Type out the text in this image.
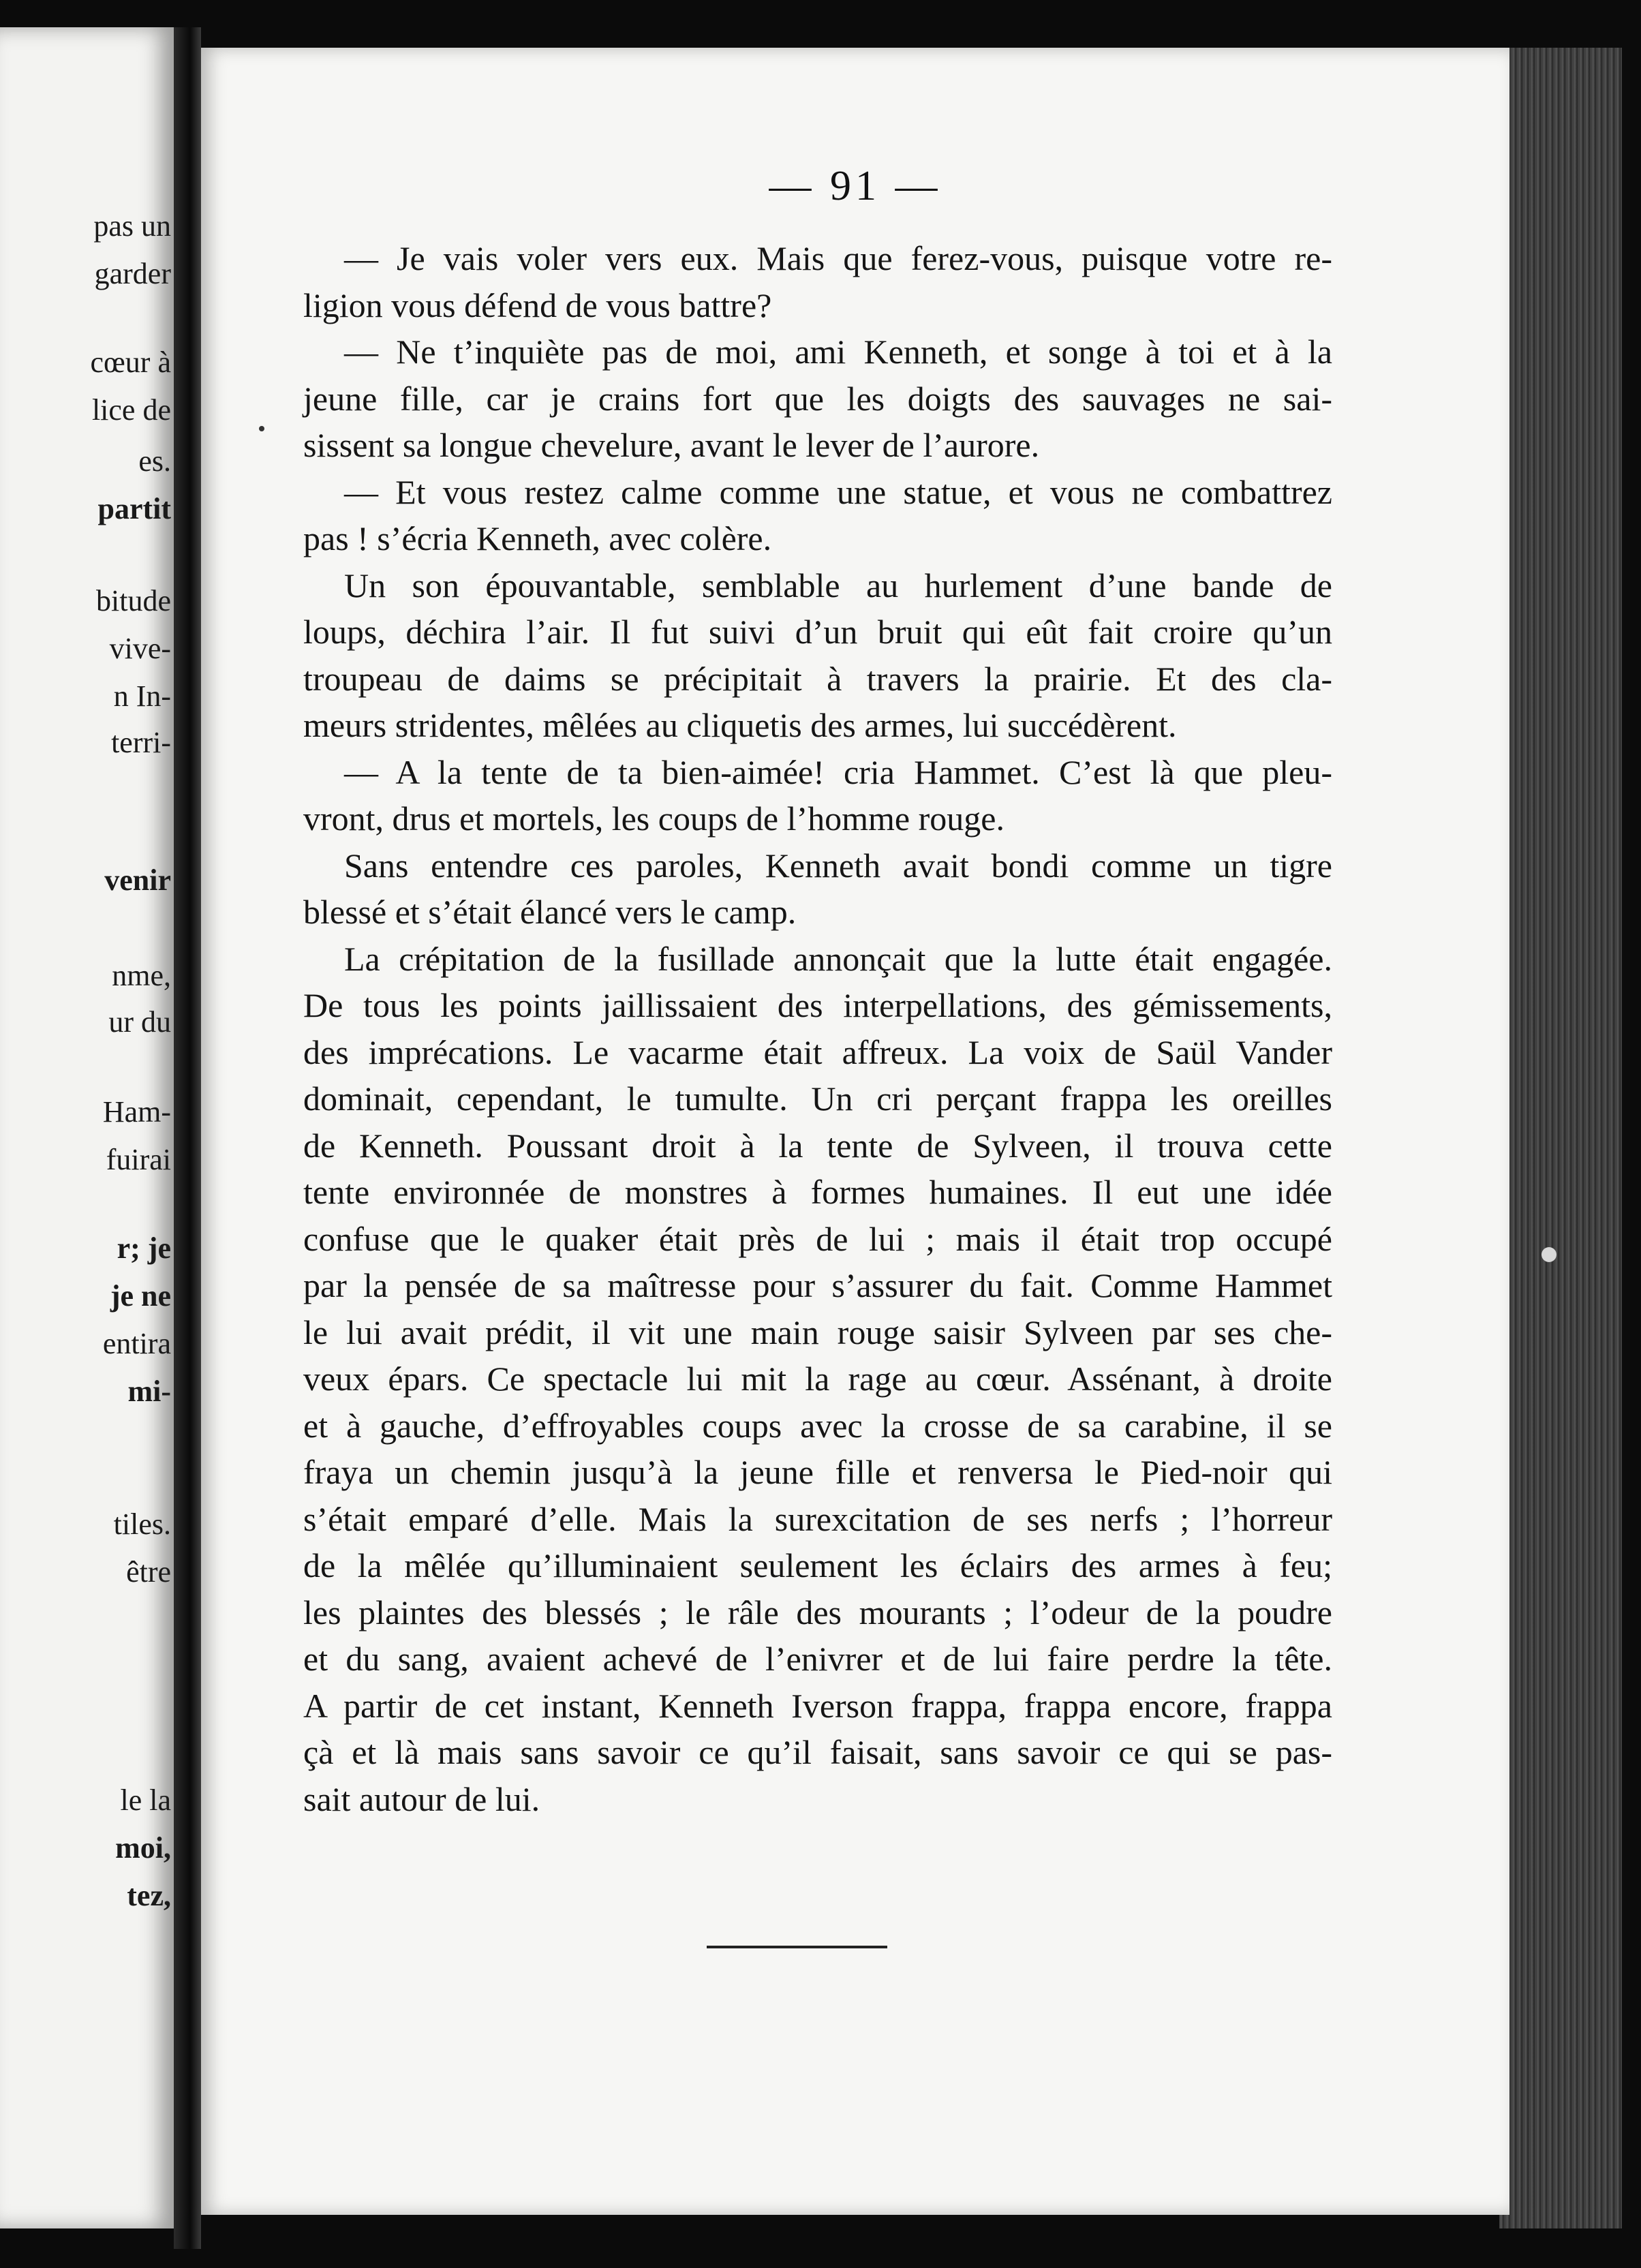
pas un
garder
cœur à
lice de
es.
partit
bitude
vive-
n In-
terri-
venir
nme,
ur du
Ham-
fuirai
r; je
je ne
entira
mi-
tiles.
être
le la
moi,
tez,
— 91 —
— Je vais voler vers eux. Mais que ferez-vous, puisque votre re-
ligion vous défend de vous battre?
— Ne t’inquiète pas de moi, ami Kenneth, et songe à toi et à la
jeune fille, car je crains fort que les doigts des sauvages ne sai-
sissent sa longue chevelure, avant le lever de l’aurore.
— Et vous restez calme comme une statue, et vous ne combattrez
pas ! s’écria Kenneth, avec colère.
Un son épouvantable, semblable au hurlement d’une bande de
loups, déchira l’air. Il fut suivi d’un bruit qui eût fait croire qu’un
troupeau de daims se précipitait à travers la prairie. Et des cla-
meurs stridentes, mêlées au cliquetis des armes, lui succédèrent.
— A la tente de ta bien-aimée! cria Hammet. C’est là que pleu-
vront, drus et mortels, les coups de l’homme rouge.
Sans entendre ces paroles, Kenneth avait bondi comme un tigre
blessé et s’était élancé vers le camp.
La crépitation de la fusillade annonçait que la lutte était engagée.
De tous les points jaillissaient des interpellations, des gémissements,
des imprécations. Le vacarme était affreux. La voix de Saül Vander
dominait, cependant, le tumulte. Un cri perçant frappa les oreilles
de Kenneth. Poussant droit à la tente de Sylveen, il trouva cette
tente environnée de monstres à formes humaines. Il eut une idée
confuse que le quaker était près de lui ; mais il était trop occupé
par la pensée de sa maîtresse pour s’assurer du fait. Comme Hammet
le lui avait prédit, il vit une main rouge saisir Sylveen par ses che-
veux épars. Ce spectacle lui mit la rage au cœur. Assénant, à droite
et à gauche, d’effroyables coups avec la crosse de sa carabine, il se
fraya un chemin jusqu’à la jeune fille et renversa le Pied-noir qui
s’était emparé d’elle. Mais la surexcitation de ses nerfs ; l’horreur
de la mêlée qu’illuminaient seulement les éclairs des armes à feu;
les plaintes des blessés ; le râle des mourants ; l’odeur de la poudre
et du sang, avaient achevé de l’enivrer et de lui faire perdre la tête.
A partir de cet instant, Kenneth Iverson frappa, frappa encore, frappa
çà et là mais sans savoir ce qu’il faisait, sans savoir ce qui se pas-
sait autour de lui.
